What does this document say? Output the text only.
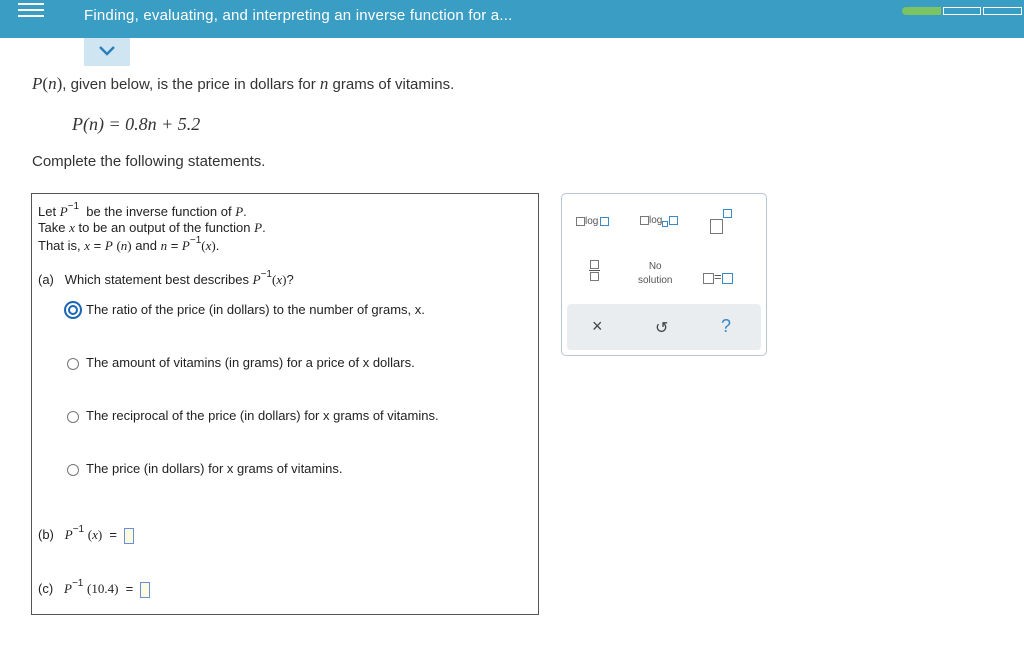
Finding, evaluating, and interpreting an inverse function for a...
P(n), given below, is the price in dollars for n grams of vitamins.
P(n) = 0.8n + 5.2
Complete the following statements.
Let $P^{-1}$ be the inverse function of P.
Take x to be an output of the function P.
That is, x = P (n) and $n = P^{-1}(x)$.
(a) Which statement best describes $P^{-1}(x)$?
The ratio of the price (in dollars) to the number of grams, x.
The amount of vitamins (in grams) for a price of x dollars.
The reciprocal of the price (in dollars) for x grams of vitamins.
The price (in dollars) for x grams of vitamins.
(b) $P^{-1}$ (x)  =
(c) $P^{-1}$ (10.4)  =
log	log
No
solution	=
×	↺	?
